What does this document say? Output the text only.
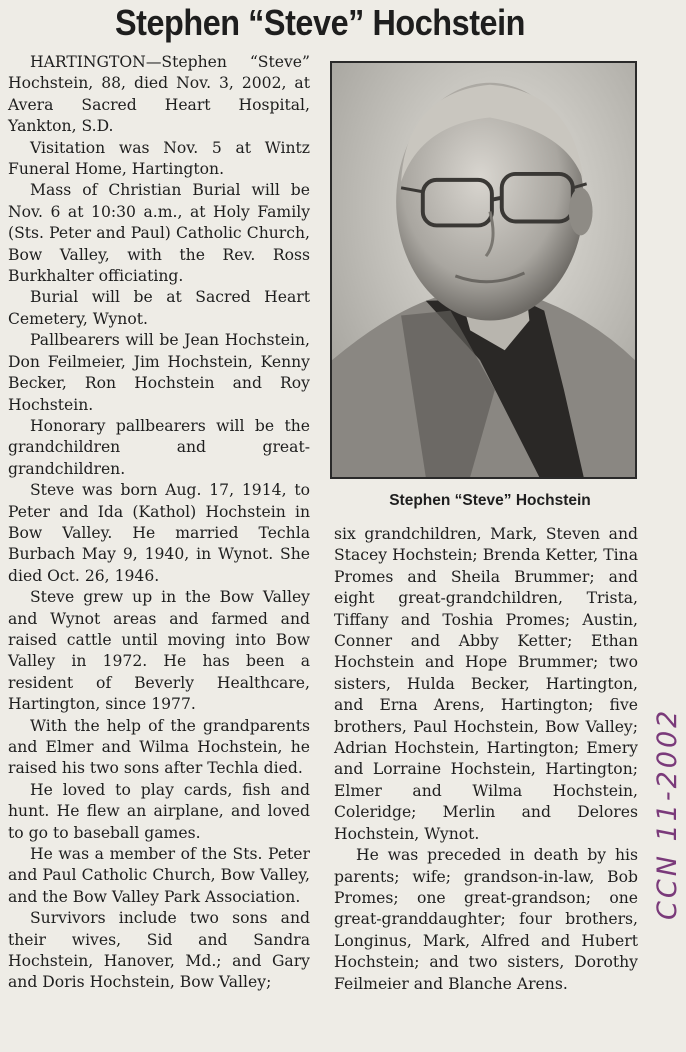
Stephen “Steve” Hochstein

HARTINGTON—Stephen “Steve” Hochstein, 88, died Nov. 3, 2002, at Avera Sacred Heart Hospital, Yankton, S.D.

Visitation was Nov. 5 at Wintz Funeral Home, Hartington.

Mass of Christian Burial will be Nov. 6 at 10:30 a.m., at Holy Family (Sts. Peter and Paul) Catholic Church, Bow Valley, with the Rev. Ross Burkhalter officiating.

Burial will be at Sacred Heart Cemetery, Wynot.

Pallbearers will be Jean Hochstein, Don Feilmeier, Jim Hochstein, Kenny Becker, Ron Hochstein and Roy Hochstein.

Honorary pallbearers will be the grandchildren and great-grandchildren.

Steve was born Aug. 17, 1914, to Peter and Ida (Kathol) Hochstein in Bow Valley. He married Techla Burbach May 9, 1940, in Wynot. She died Oct. 26, 1946.

Steve grew up in the Bow Valley and Wynot areas and farmed and raised cattle until moving into Bow Valley in 1972. He has been a resident of Beverly Healthcare, Hartington, since 1977.

With the help of the grandparents and Elmer and Wilma Hochstein, he raised his two sons after Techla died.

He loved to play cards, fish and hunt. He flew an airplane, and loved to go to baseball games.

He was a member of the Sts. Peter and Paul Catholic Church, Bow Valley, and the Bow Valley Park Association.

Survivors include two sons and their wives, Sid and Sandra Hochstein, Hanover, Md.; and Gary and Doris Hochstein, Bow Valley;

Stephen “Steve” Hochstein

six grandchildren, Mark, Steven and Stacey Hochstein; Brenda Ketter, Tina Promes and Sheila Brummer; and eight great-grandchildren, Trista, Tiffany and Toshia Promes; Austin, Conner and Abby Ketter; Ethan Hochstein and Hope Brummer; two sisters, Hulda Becker, Hartington, and Erna Arens, Hartington; five brothers, Paul Hochstein, Bow Valley; Adrian Hochstein, Hartington; Emery and Lorraine Hochstein, Hartington; Elmer and Wilma Hochstein, Coleridge; Merlin and Delores Hochstein, Wynot.

He was preceded in death by his parents; wife; grandson-in-law, Bob Promes; one great-grandson; one great-granddaughter; four brothers, Longinus, Mark, Alfred and Hubert Hochstein; and two sisters, Dorothy Feilmeier and Blanche Arens.

CCN 11-2002
